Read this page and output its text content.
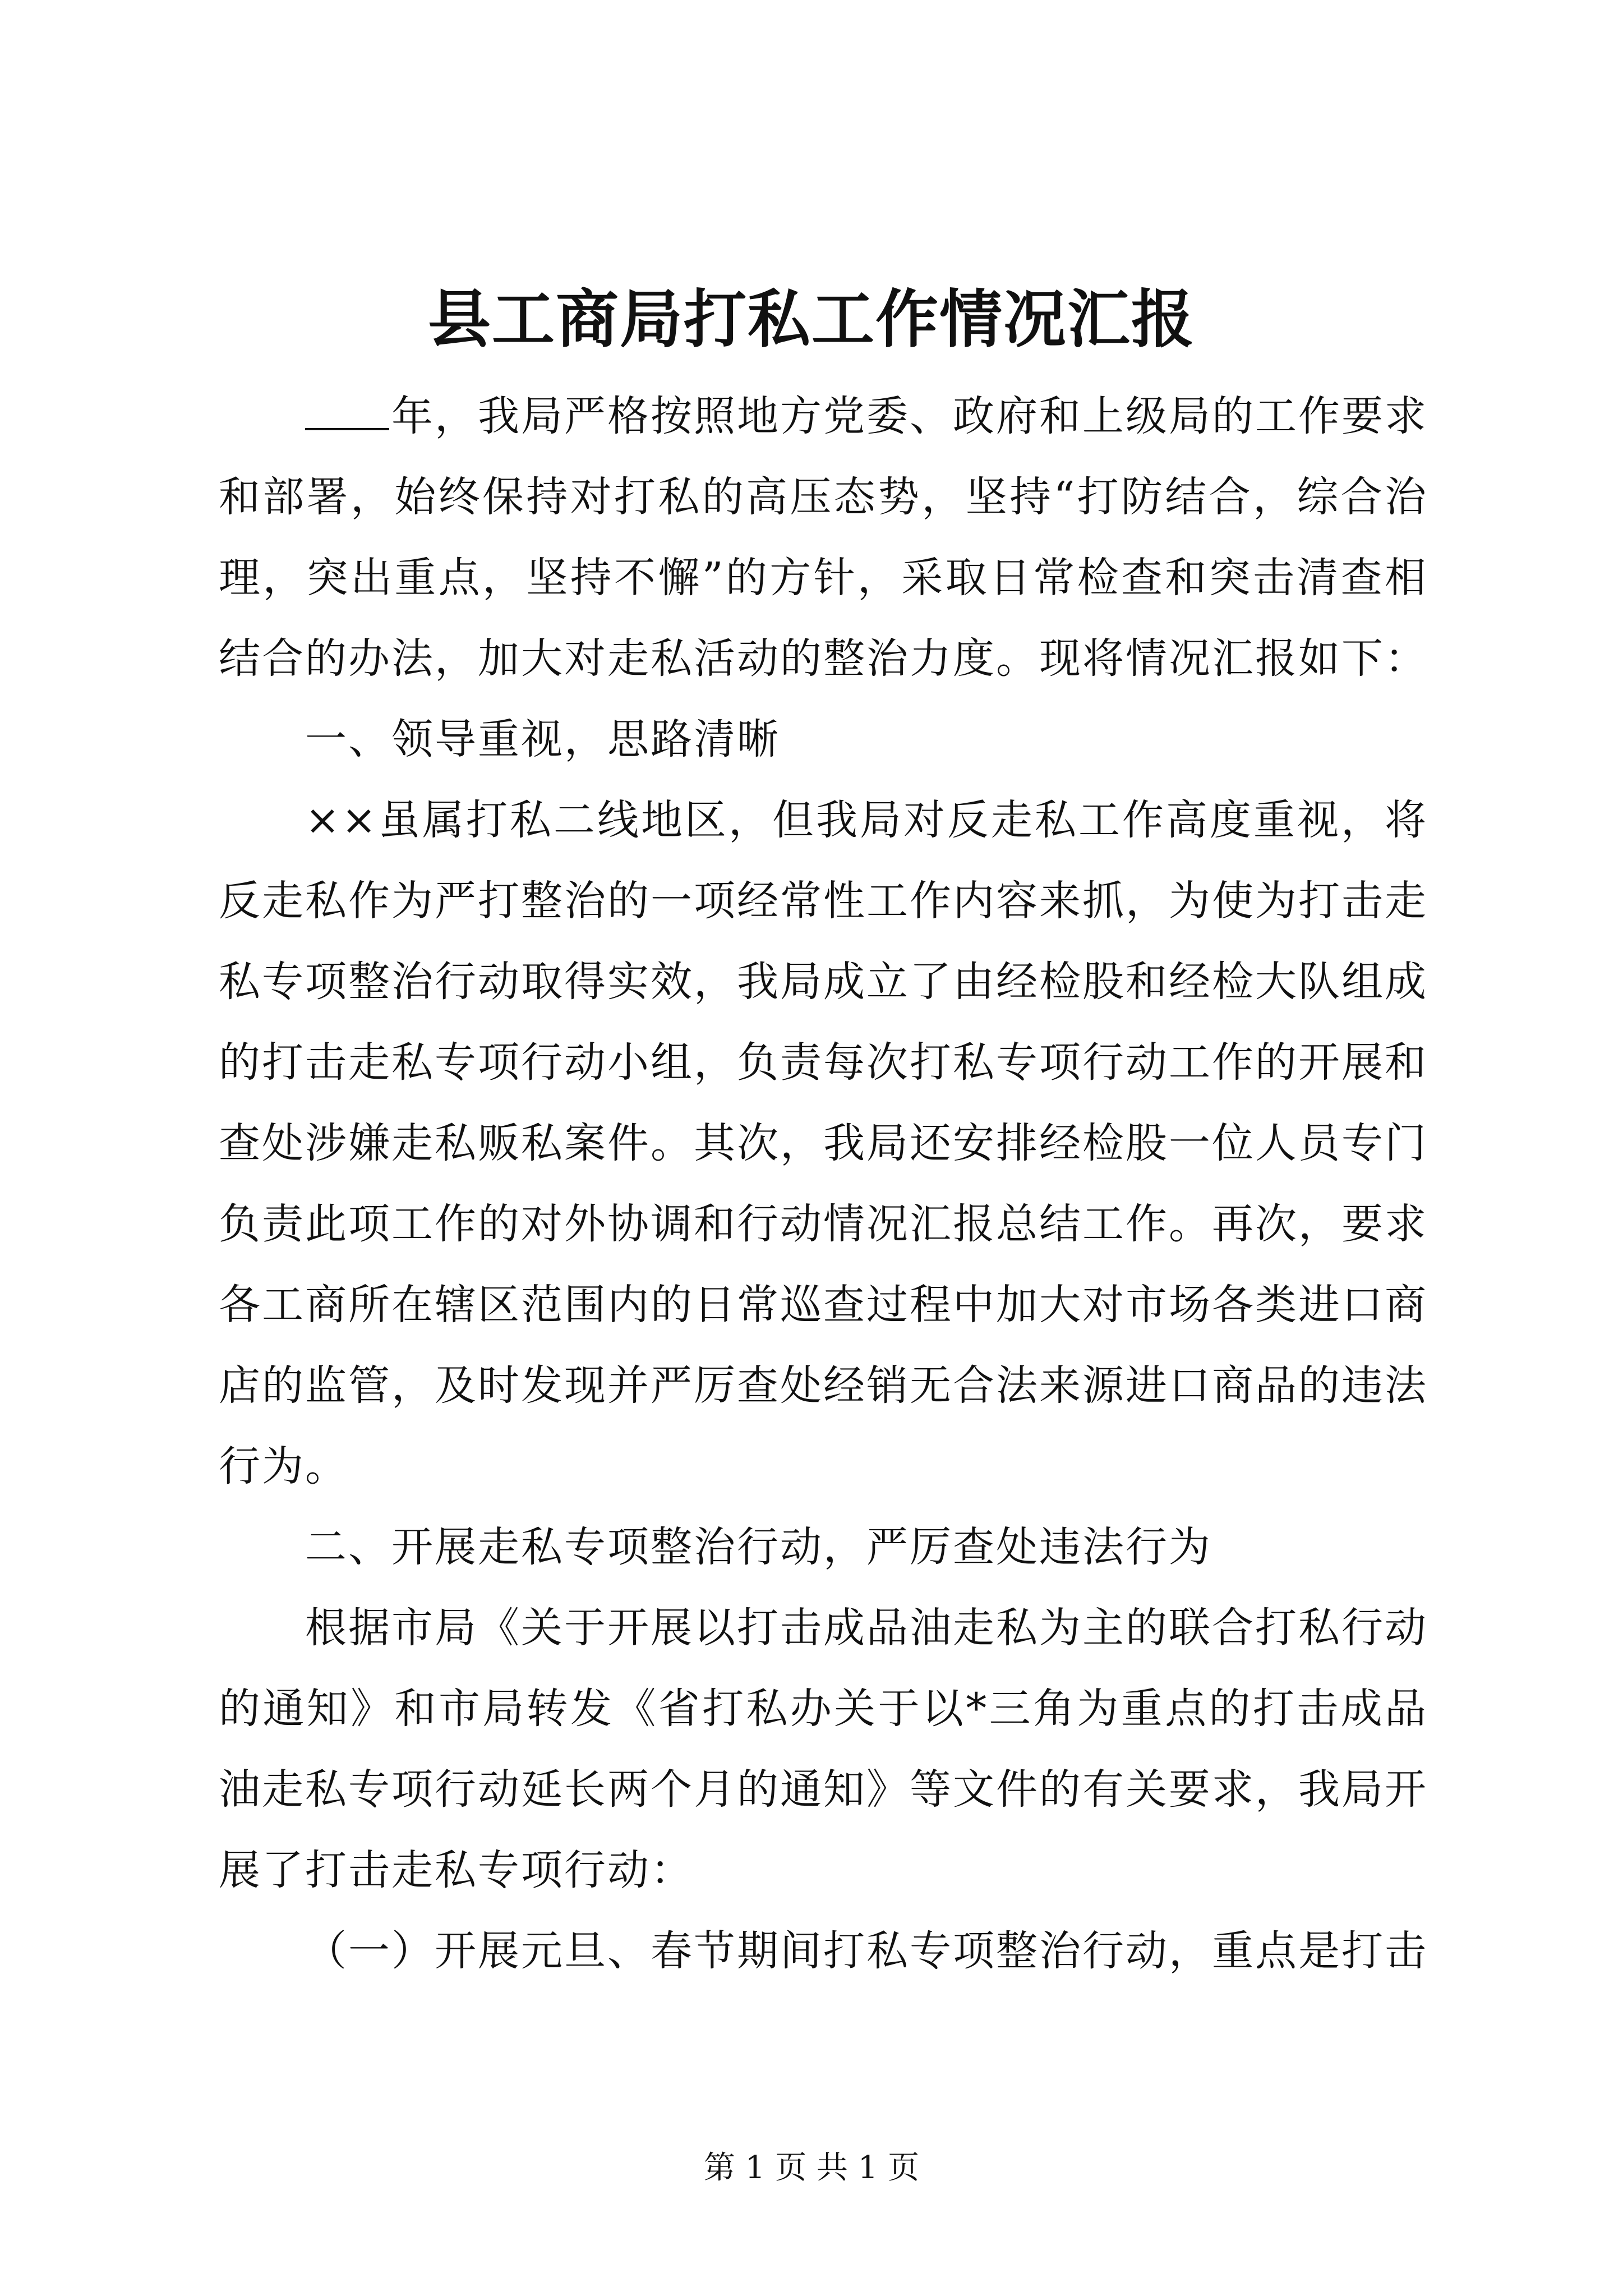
县工商局打私工作情况汇报

年，我局严格按照地方党委、政府和上级局的工作要求和部署，始终保持对打私的高压态势，坚持“打防结合，综合治理，突出重点，坚持不懈”的方针，采取日常检查和突击清查相结合的办法，加大对走私活动的整治力度。现将情况汇报如下：

一、领导重视，思路清晰

××虽属打私二线地区，但我局对反走私工作高度重视，将反走私作为严打整治的一项经常性工作内容来抓，为使为打击走私专项整治行动取得实效，我局成立了由经检股和经检大队组成的打击走私专项行动小组，负责每次打私专项行动工作的开展和查处涉嫌走私贩私案件。其次，我局还安排经检股一位人员专门负责此项工作的对外协调和行动情况汇报总结工作。再次，要求各工商所在辖区范围内的日常巡查过程中加大对市场各类进口商店的监管，及时发现并严厉查处经销无合法来源进口商品的违法行为。

二、开展走私专项整治行动，严厉查处违法行为

根据市局《关于开展以打击成品油走私为主的联合打私行动的通知》和市局转发《省打私办关于以*三角为重点的打击成品油走私专项行动延长两个月的通知》等文件的有关要求，我局开展了打击走私专项行动：

（一）开展元旦、春节期间打私专项整治行动，重点是打击

第 1 页 共 1 页
